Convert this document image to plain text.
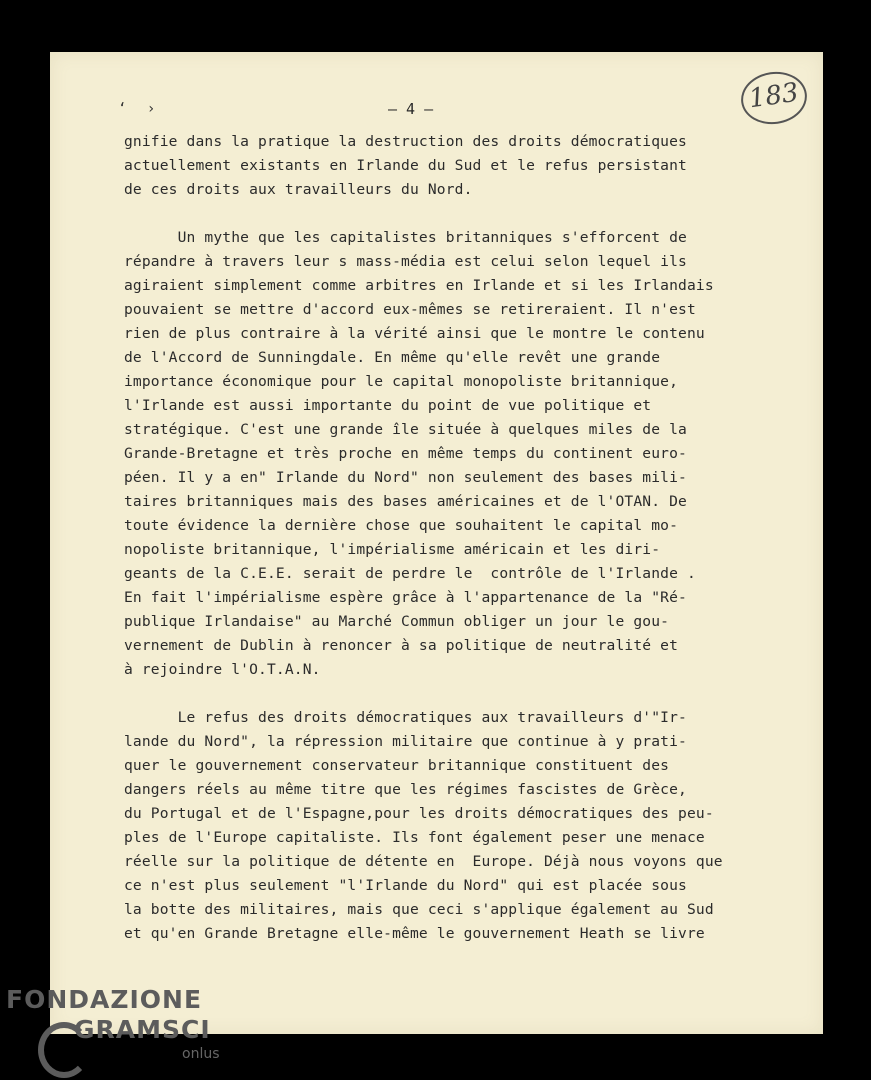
‘ ›	– 4 –	183
gnifie dans la pratique la destruction des droits démocratiques
actuellement existants en Irlande du Sud et le refus persistant
de ces droits aux travailleurs du Nord.
Un mythe que les capitalistes britanniques s'efforcent de
répandre à travers leur s mass-média est celui selon lequel ils
agiraient simplement comme arbitres en Irlande et si les Irlandais
pouvaient se mettre d'accord eux-mêmes se retireraient. Il n'est
rien de plus contraire à la vérité ainsi que le montre le contenu
de l'Accord de Sunningdale. En même qu'elle revêt une grande
importance économique pour le capital monopoliste britannique,
l'Irlande est aussi importante du point de vue politique et
stratégique. C'est une grande île située à quelques miles de la
Grande-Bretagne et très proche en même temps du continent euro-
péen. Il y a en" Irlande du Nord" non seulement des bases mili-
taires britanniques mais des bases américaines et de l'OTAN. De
toute évidence la dernière chose que souhaitent le capital mo-
nopoliste britannique, l'impérialisme américain et les diri-
geants de la C.E.E. serait de perdre le  contrôle de l'Irlande .
En fait l'impérialisme espère grâce à l'appartenance de la "Ré-
publique Irlandaise" au Marché Commun obliger un jour le gou-
vernement de Dublin à renoncer à sa politique de neutralité et
à rejoindre l'O.T.A.N.
Le refus des droits démocratiques aux travailleurs d'"Ir-
lande du Nord", la répression militaire que continue à y prati-
quer le gouvernement conservateur britannique constituent des
dangers réels au même titre que les régimes fascistes de Grèce,
du Portugal et de l'Espagne,pour les droits démocratiques des peu-
ples de l'Europe capitaliste. Ils font également peser une menace
réelle sur la politique de détente en  Europe. Déjà nous voyons que
ce n'est plus seulement "l'Irlande du Nord" qui est placée sous
la botte des militaires, mais que ceci s'applique également au Sud
et qu'en Grande Bretagne elle-même le gouvernement Heath se livre
FONDAZIONE
GRAMSCI
onlus
